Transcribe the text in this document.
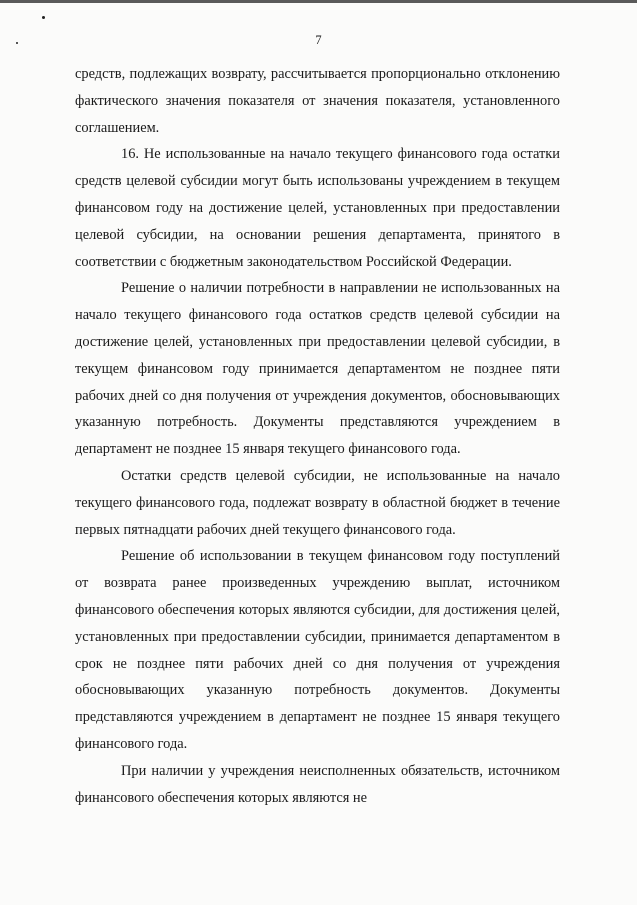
7

средств, подлежащих возврату, рассчитывается пропорционально отклонению фактического значения показателя от значения показателя, установленного соглашением.

16. Не использованные на начало текущего финансового года остатки средств целевой субсидии могут быть использованы учреждением в текущем финансовом году на достижение целей, установленных при предоставлении целевой субсидии, на основании решения департамента, принятого в соответствии с бюджетным законодательством Российской Федерации.

Решение о наличии потребности в направлении не использованных на начало текущего финансового года остатков средств целевой субсидии на достижение целей, установленных при предоставлении целевой субсидии, в текущем финансовом году принимается департаментом не позднее пяти рабочих дней со дня получения от учреждения документов, обосновывающих указанную потребность. Документы представляются учреждением в департамент не позднее 15 января текущего финансового года.

Остатки средств целевой субсидии, не использованные на начало текущего финансового года, подлежат возврату в областной бюджет в течение первых пятнадцати рабочих дней текущего финансового года.

Решение об использовании в текущем финансовом году поступлений от возврата ранее произведенных учреждению выплат, источником финансового обеспечения которых являются субсидии, для достижения целей, установленных при предоставлении субсидии, принимается департаментом в срок не позднее пяти рабочих дней со дня получения от учреждения обосновывающих указанную потребность документов. Документы представляются учреждением в департамент не позднее 15 января текущего финансового года.

При наличии у учреждения неисполненных обязательств, источником финансового обеспечения которых являются не
